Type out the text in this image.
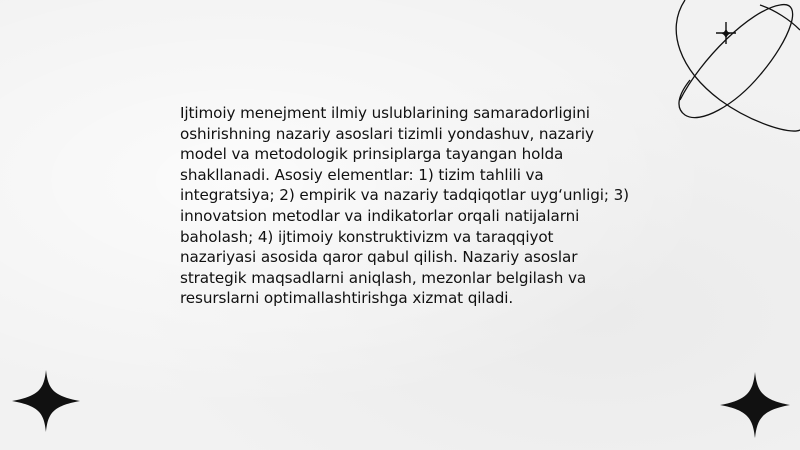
Ijtimoiy menejment ilmiy uslublarining samaradorligini oshirishning nazariy asoslari tizimli yondashuv, nazariy model va metodologik prinsiplarga tayangan holda shakllanadi. Asosiy elementlar: 1) tizim tahlili va integratsiya; 2) empirik va nazariy tadqiqotlar uyg‘unligi; 3) innovatsion metodlar va indikatorlar orqali natijalarni baholash; 4) ijtimoiy konstruktivizm va taraqqiyot nazariyasi asosida qaror qabul qilish. Nazariy asoslar strategik maqsadlarni aniqlash, mezonlar belgilash va resurslarni optimallashtirishga xizmat qiladi.
